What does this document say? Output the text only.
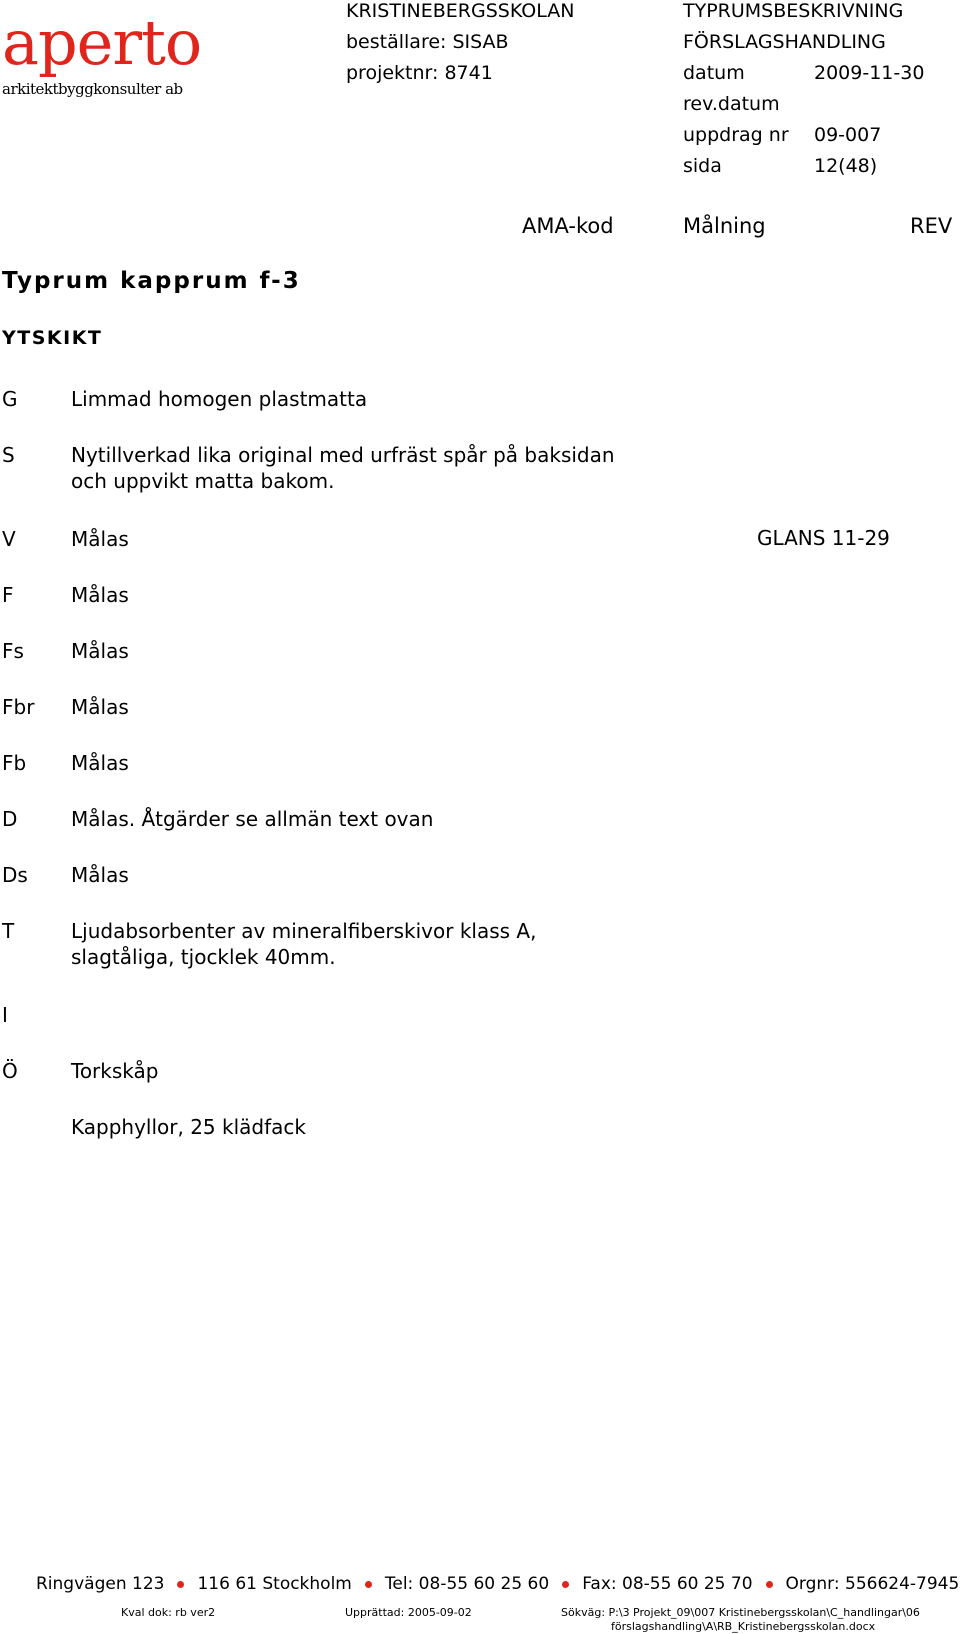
aperto
arkitektbyggkonsulter ab
KRISTINEBERGSSKOLAN
beställare: SISAB
projektnr: 8741
TYPRUMSBESKRIVNING
FÖRSLAGSHANDLING
datum	2009-11-30
rev.datum
uppdrag nr 09-007
sida	12(48)
AMA-kod	Målning	REV
Typrum kapprum f-3
YTSKIKT
G	Limmad homogen plastmatta
S	Nytillverkad lika original med urfräst spår på baksidan
och uppvikt matta bakom.
V	Målas	GLANS 11-29
F	Målas
Fs Målas
Fbr Målas
Fb Målas
D	Målas. Åtgärder se allmän text ovan
Ds Målas
T	Ljudabsorbenter av mineralfiberskivor klass A,
slagtåliga, tjocklek 40mm.
I
Ö	Torkskåp
Kapphyllor, 25 klädfack
Ringvägen 123 116 61 Stockholm Tel: 08-55 60 25 60 Fax: 08-55 60 25 70 Orgnr: 556624-7945
Kval dok: rb ver2	Upprättad: 2005-09-02	Sökväg: P:\3 Projekt_09\007 Kristinebergsskolan\C_handlingar\06
förslagshandling\A\RB_Kristinebergsskolan.docx
